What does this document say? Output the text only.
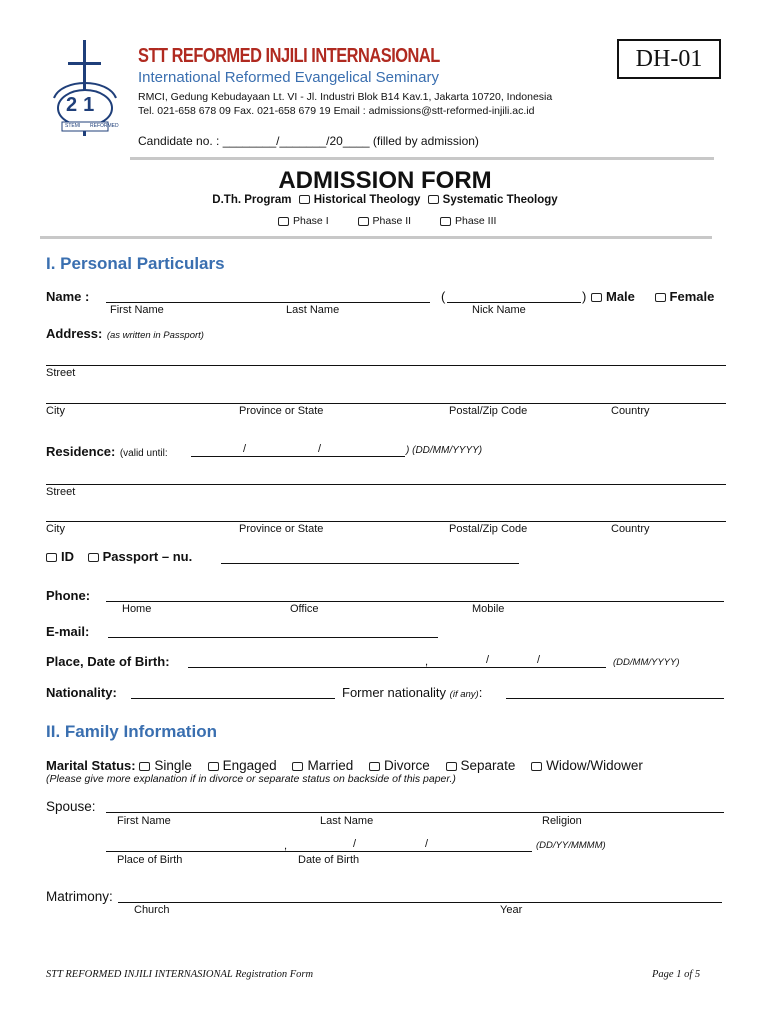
21
STEMI REFORMED
STT REFORMED INJILI INTERNASIONAL
International Reformed Evangelical Seminary
RMCI, Gedung Kebudayaan Lt. VI - Jl. Industri Blok B14 Kav.1, Jakarta 10720, Indonesia
Tel. 021-658 678 09 Fax. 021-658 679 19 Email : admissions@stt-reformed-injili.ac.id
Candidate no. : ________/_______/20____ (filled by admission)
DH-01
ADMISSION FORM
D.Th. Program Historical Theology Systematic Theology
Phase I	Phase II	Phase III
I. Personal Particulars
Name :
First Name	Last Name
(	)
Nick Name
Male	Female
Address: (as written in Passport)
Street
City	Province or State	Postal/Zip Code	Country
Residence: (valid until:	/	/	) (DD/MM/YYYY)
Street
City	Province or State	Postal/Zip Code	Country
ID Passport – nu.
Phone:
Home	Office	Mobile
E-mail:
Place, Date of Birth:	,	/	/	(DD/MM/YYYY)
Nationality:	Former nationality (if any):
II. Family Information
Marital Status: Single Engaged Married Divorce Separate Widow/Widower
(Please give more explanation if in divorce or separate status on backside of this paper.)
Spouse:
First Name	Last Name	Religion
,	/	/	(DD/YY/MMMM)
Place of Birth	Date of Birth
Matrimony:
Church	Year
STT REFORMED INJILI INTERNASIONAL Registration Form	Page 1 of 5
